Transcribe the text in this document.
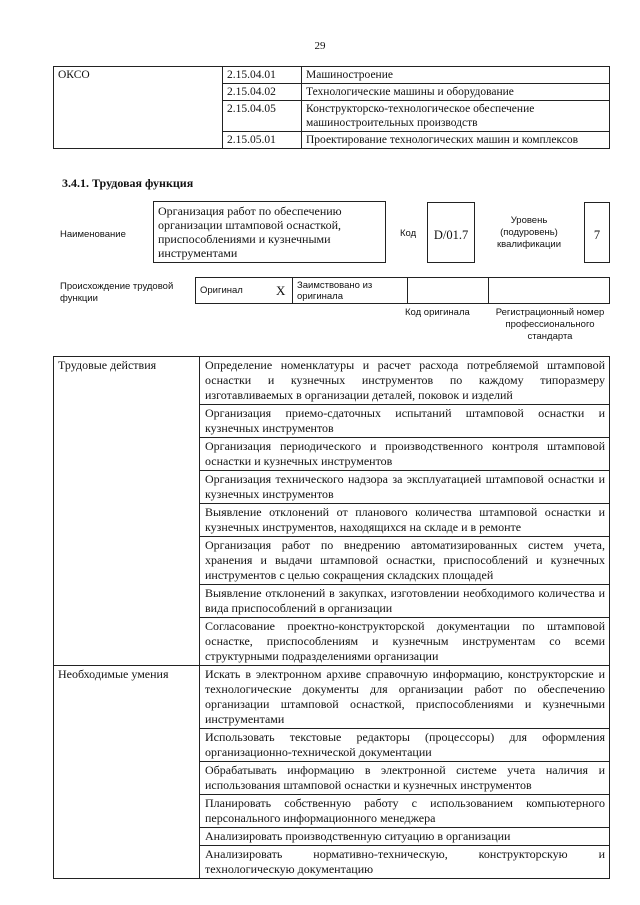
29
ОКСО	2.15.04.01	Машиностроение
	2.15.04.02	Технологические машины и оборудование
	2.15.04.05	Конструкторско-технологическое обеспечение машиностроительных производств
	2.15.05.01	Проектирование технологических машин и комплексов
3.4.1. Трудовая функция
Наименование
Организация работ по обеспечению организации штамповой оснасткой, приспособлениями и кузнечными инструментами
Код	D/01.7
Уровень (подуровень) квалификации
7
Происхождение трудовой функции
Оригинал	X	Заимствовано из оригинала		
Код оригинала	Регистрационный номер профессионального стандарта
Трудовые действия	Определение номенклатуры и расчет расхода потребляемой штамповой оснастки и кузнечных инструментов по каждому типоразмеру изготавливаемых в организации деталей, поковок и изделий
	Организация приемо-сдаточных испытаний штамповой оснастки и кузнечных инструментов
	Организация периодического и производственного контроля штамповой оснастки и кузнечных инструментов
	Организация технического надзора за эксплуатацией штамповой оснастки и кузнечных инструментов
	Выявление отклонений от планового количества штамповой оснастки и кузнечных инструментов, находящихся на складе и в ремонте
	Организация работ по внедрению автоматизированных систем учета, хранения и выдачи штамповой оснастки, приспособлений и кузнечных инструментов с целью сокращения складских площадей
	Выявление отклонений в закупках, изготовлении необходимого количества и вида приспособлений в организации
	Согласование проектно-конструкторской документации по штамповой оснастке, приспособлениям и кузнечным инструментам со всеми структурными подразделениями организации
Необходимые умения	Искать в электронном архиве справочную информацию, конструкторские и технологические документы для организации работ по обеспечению организации штамповой оснасткой, приспособлениями и кузнечными инструментами
	Использовать текстовые редакторы (процессоры) для оформления организационно-технической документации
	Обрабатывать информацию в электронной системе учета наличия и использования штамповой оснастки и кузнечных инструментов
	Планировать собственную работу с использованием компьютерного персонального информационного менеджера
	Анализировать производственную ситуацию в организации
	Анализировать нормативно-техническую, конструкторскую и технологическую документацию
